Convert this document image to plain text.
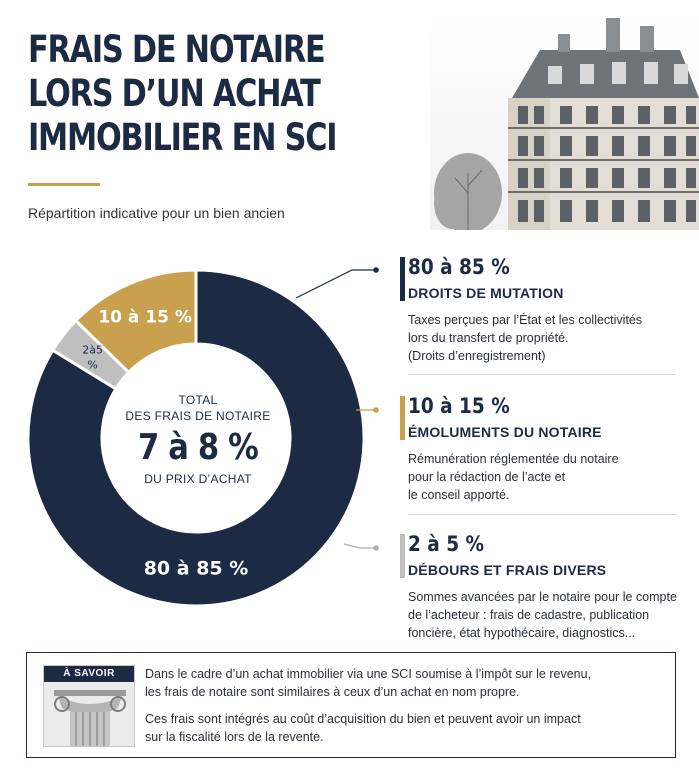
FRAIS DE NOTAIRE
LORS D’UN ACHAT
IMMOBILIER EN SCI
Répartition indicative pour un bien ancien
80 à 85 %
2à5 %
10 à 15 %
TOTAL
DES FRAIS DE NOTAIRE
7 à 8 %
DU PRIX D’ACHAT
80 à 85 %
DROITS DE MUTATION
Taxes perçues par l’État et les collectivités
lors du transfert de propriété.
(Droits d’enregistrement)
10 à 15 %
ÉMOLUMENTS DU NOTAIRE
Rémunération réglementée du notaire
pour la rédaction de l’acte et
le conseil apporté.
2 à 5 %
DÉBOURS ET FRAIS DIVERS
Sommes avancées par le notaire pour le compte
de l’acheteur : frais de cadastre, publication
foncière, état hypothécaire, diagnostics...
À SAVOIR	Dans le cadre d’un achat immobilier via une SCI soumise à l’impôt sur le revenu,
les frais de notaire sont similaires à ceux d’un achat en nom propre.

Ces frais sont intégrés au coût d’acquisition du bien et peuvent avoir un impact
sur la fiscalité lors de la revente.
